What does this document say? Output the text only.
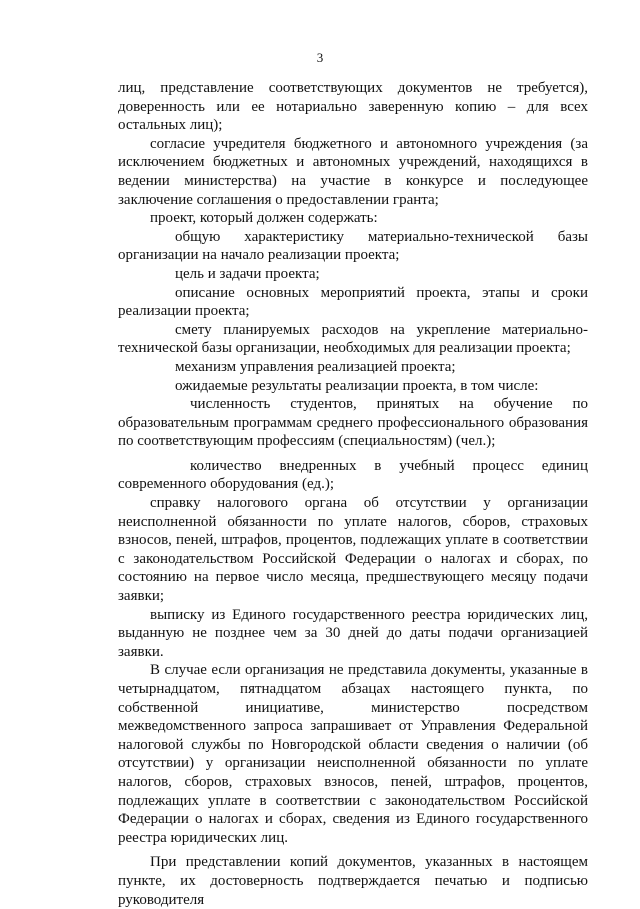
3

лиц, представление соответствующих документов не требуется), доверенность или ее нотариально заверенную копию – для всех остальных лиц);

согласие учредителя бюджетного и автономного учреждения (за исключением бюджетных и автономных учреждений, находящихся в ведении министерства) на участие в конкурсе и последующее заключение соглашения о предоставлении гранта;

проект, который должен содержать:

общую характеристику материально-технической базы организации на начало реализации проекта;

цель и задачи проекта;

описание основных мероприятий проекта, этапы и сроки реализации проекта;

смету планируемых расходов на укрепление материально-технической базы организации, необходимых для реализации проекта;

механизм управления реализацией проекта;

ожидаемые результаты реализации проекта, в том числе:

численность студентов, принятых на обучение по образовательным программам среднего профессионального образования по соответствующим профессиям (специальностям) (чел.);

количество внедренных в учебный процесс единиц современного оборудования (ед.);

справку налогового органа об отсутствии у организации неисполненной обязанности по уплате налогов, сборов, страховых взносов, пеней, штрафов, процентов, подлежащих уплате в соответствии с законодательством Российской Федерации о налогах и сборах, по состоянию на первое число месяца, предшествующего месяцу подачи заявки;

выписку из Единого государственного реестра юридических лиц, выданную не позднее чем за 30 дней до даты подачи организацией заявки.

В случае если организация не представила документы, указанные в четырнадцатом, пятнадцатом абзацах настоящего пункта, по собственной инициативе, министерство посредством межведомственного запроса запрашивает от Управления Федеральной налоговой службы по Новгородской области сведения о наличии (об отсутствии) у организации неисполненной обязанности по уплате налогов, сборов, страховых взносов, пеней, штрафов, процентов, подлежащих уплате в соответствии с законодательством Российской Федерации о налогах и сборах, сведения из Единого государственного реестра юридических лиц.

При представлении копий документов, указанных в настоящем пункте, их достоверность подтверждается печатью и подписью руководителя
